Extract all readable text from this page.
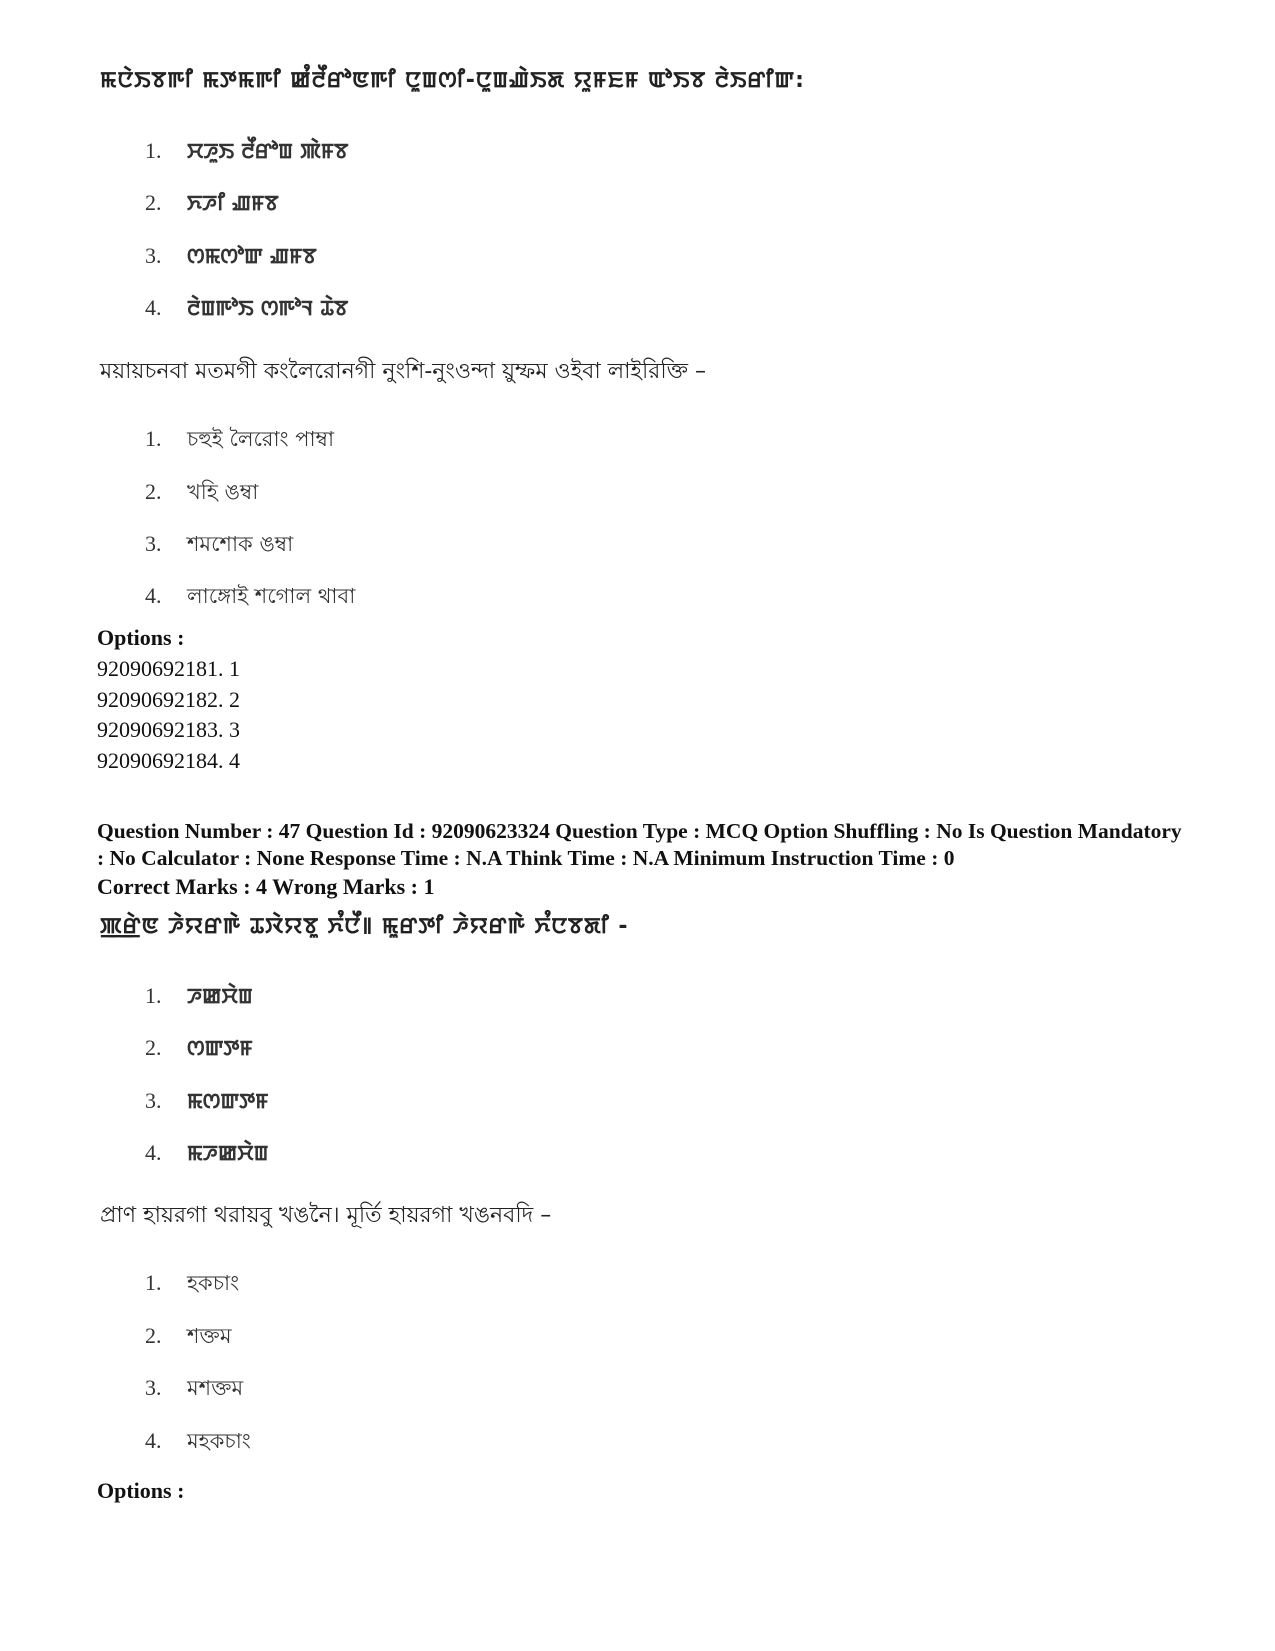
ꯃꯅꯥꯏꯕꯒꯤ ꯃꯇꯃꯒꯤ ꯀꯪꯂꯩꯔꯣꯟꯒꯤ ꯅꯨꯡꯁꯤ-ꯅꯨꯡꯉꯥꯏꯗ ꯌꯨꯝꯐꯝ ꯑꯣꯏꯕ ꯂꯥꯏꯔꯤꯛ:
1. ꯆꯍꯨꯏ ꯂꯩꯔꯣꯡ ꯄꯥꯝꯕ
2. ꯈꯍꯤ ꯉꯝꯕ
3. ꯁꯃꯁꯣꯛ ꯉꯝꯕ
4. ꯂꯥꯡꯒꯣꯏ ꯁꯒꯣꯜ ꯊꯥꯕ
ময়ায়চনবা মতমগী কংলৈরোনগী নুংশি-নুংওন্দা য়ুম্ফম ওইবা লাইরিক্তি –
1. চহুই লৈরোং পাম্বা
2. খহি ঙম্বা
3. শমশোক ঙম্বা
4. লাঙ্গোই শগোল থাবা
Options :
92090692181. 1
92090692182. 2
92090692183. 3
92090692184. 4
Question Number : 47 Question Id : 92090623324 Question Type : MCQ Option Shuffling : No Is Question Mandatory : No Calculator : None Response Time : N.A Think Time : N.A Minimum Instruction Time : 0
Correct Marks : 4 Wrong Marks : 1
ꯄ꯭ꯔꯥꯟ ꯍꯥꯌꯔꯒꯥ ꯊꯋꯥꯌꯕꯨ ꯈꯪꯅꯩ꯫ ꯃꯨꯔꯇꯤ ꯍꯥꯌꯔꯒꯥ ꯈꯪꯅꯕꯗꯤ -
1. ꯍꯀꯆꯥꯡ
2. ꯁꯛꯇꯝ
3. ꯃꯁꯛꯇꯝ
4. ꯃꯍꯀꯆꯥꯡ
প্রাণ হায়রগা থরায়বু খঙনৈ। মূর্তি হায়রগা খঙনবদি –
1. হকচাং
2. শক্তম
3. মশক্তম
4. মহকচাং
Options :
